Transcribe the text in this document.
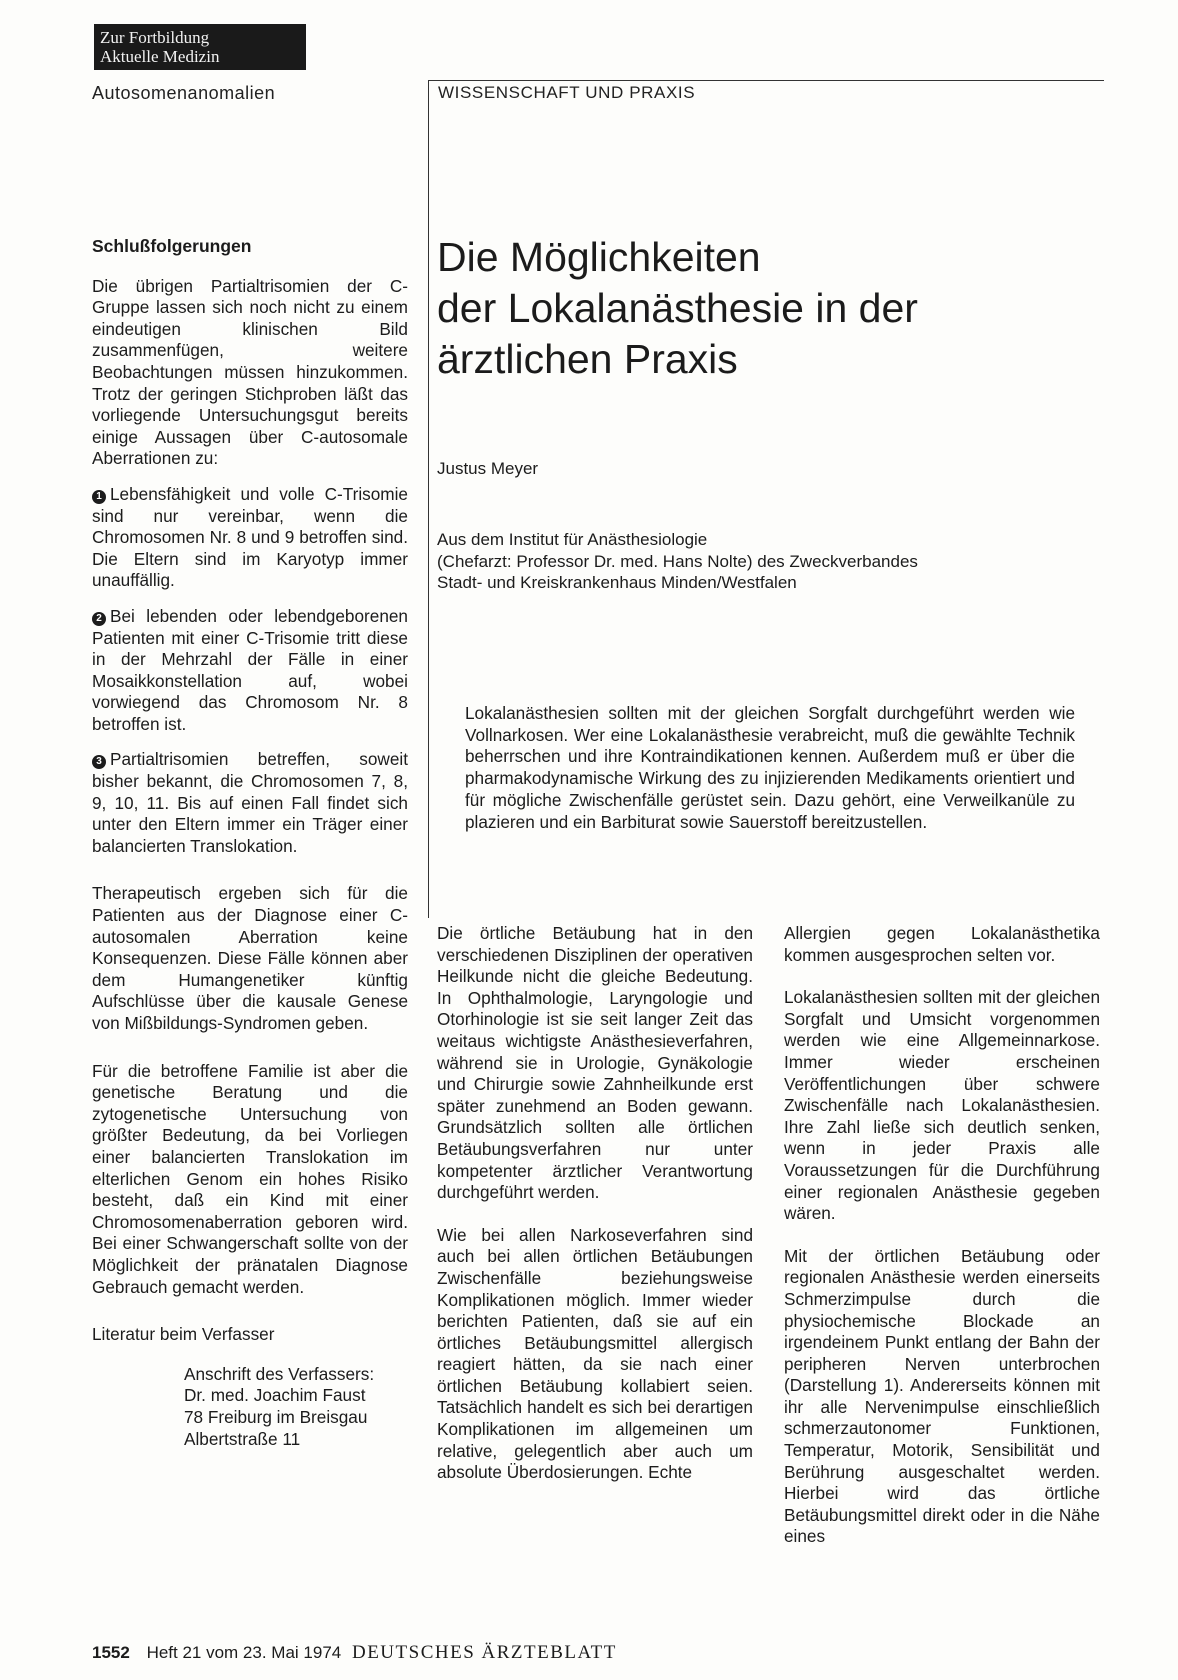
Zur Fortbildung
Aktuelle Medizin
Autosomenanomalien	WISSENSCHAFT UND PRAXIS
Schlußfolgerungen

Die übrigen Partialtrisomien der C-Gruppe lassen sich noch nicht zu einem eindeutigen klinischen Bild zusammenfügen, weitere Beobachtungen müssen hinzukommen. Trotz der geringen Stichproben läßt das vorliegende Untersuchungsgut bereits einige Aussagen über C-autosomale Aberrationen zu:

1 Lebensfähigkeit und volle C-Trisomie sind nur vereinbar, wenn die Chromosomen Nr. 8 und 9 betroffen sind. Die Eltern sind im Karyotyp immer unauffällig.

2 Bei lebenden oder lebendgeborenen Patienten mit einer C-Trisomie tritt diese in der Mehrzahl der Fälle in einer Mosaikkonstellation auf, wobei vorwiegend das Chromosom Nr. 8 betroffen ist.

3 Partialtrisomien betreffen, soweit bisher bekannt, die Chromosomen 7, 8, 9, 10, 11. Bis auf einen Fall findet sich unter den Eltern immer ein Träger einer balancierten Translokation.

Therapeutisch ergeben sich für die Patienten aus der Diagnose einer C-autosomalen Aberration keine Konsequenzen. Diese Fälle können aber dem Humangenetiker künftig Aufschlüsse über die kausale Genese von Mißbildungs-Syndromen geben.

Für die betroffene Familie ist aber die genetische Beratung und die zytogenetische Untersuchung von größter Bedeutung, da bei Vorliegen einer balancierten Translokation im elterlichen Genom ein hohes Risiko besteht, daß ein Kind mit einer Chromosomenaberration geboren wird. Bei einer Schwangerschaft sollte von der Möglichkeit der pränatalen Diagnose Gebrauch gemacht werden.

Literatur beim Verfasser

Anschrift des Verfassers:
Dr. med. Joachim Faust
78 Freiburg im Breisgau
Albertstraße 11
Die Möglichkeiten
der Lokalanästhesie in der
ärztlichen Praxis
Justus Meyer
Aus dem Institut für Anästhesiologie
(Chefarzt: Professor Dr. med. Hans Nolte) des Zweckverbandes
Stadt- und Kreiskrankenhaus Minden/Westfalen
Lokalanästhesien sollten mit der gleichen Sorgfalt durchgeführt werden wie Vollnarkosen. Wer eine Lokalanästhesie verabreicht, muß die gewählte Technik beherrschen und ihre Kontraindikationen kennen. Außerdem muß er über die pharmakodynamische Wirkung des zu injizierenden Medikaments orientiert und für mögliche Zwischenfälle gerüstet sein. Dazu gehört, eine Verweilkanüle zu plazieren und ein Barbiturat sowie Sauerstoff bereitzustellen.

Die örtliche Betäubung hat in den verschiedenen Disziplinen der operativen Heilkunde nicht die gleiche Bedeutung. In Ophthalmologie, Laryngologie und Otorhinologie ist sie seit langer Zeit das weitaus wichtigste Anästhesieverfahren, während sie in Urologie, Gynäkologie und Chirurgie sowie Zahnheilkunde erst später zunehmend an Boden gewann. Grundsätzlich sollten alle örtlichen Betäubungsverfahren nur unter kompetenter ärztlicher Verantwortung durchgeführt werden.

Wie bei allen Narkoseverfahren sind auch bei allen örtlichen Betäubungen Zwischenfälle beziehungsweise Komplikationen möglich. Immer wieder berichten Patienten, daß sie auf ein örtliches Betäubungsmittel allergisch reagiert hätten, da sie nach einer örtlichen Betäubung kollabiert seien. Tatsächlich handelt es sich bei derartigen Komplikationen im allgemeinen um relative, gelegentlich aber auch um absolute Überdosierungen. Echte

Allergien gegen Lokalanästhetika kommen ausgesprochen selten vor.

Lokalanästhesien sollten mit der gleichen Sorgfalt und Umsicht vorgenommen werden wie eine Allgemeinnarkose. Immer wieder erscheinen Veröffentlichungen über schwere Zwischenfälle nach Lokalanästhesien. Ihre Zahl ließe sich deutlich senken, wenn in jeder Praxis alle Voraussetzungen für die Durchführung einer regionalen Anästhesie gegeben wären.

Mit der örtlichen Betäubung oder regionalen Anästhesie werden einerseits Schmerzimpulse durch die physiochemische Blockade an irgendeinem Punkt entlang der Bahn der peripheren Nerven unterbrochen (Darstellung 1). Andererseits können mit ihr alle Nervenimpulse einschließlich schmerzautonomer Funktionen, Temperatur, Motorik, Sensibilität und Berührung ausgeschaltet werden. Hierbei wird das örtliche Betäubungsmittel direkt oder in die Nähe eines

1552 Heft 21 vom 23. Mai 1974 DEUTSCHES ÄRZTEBLATT
